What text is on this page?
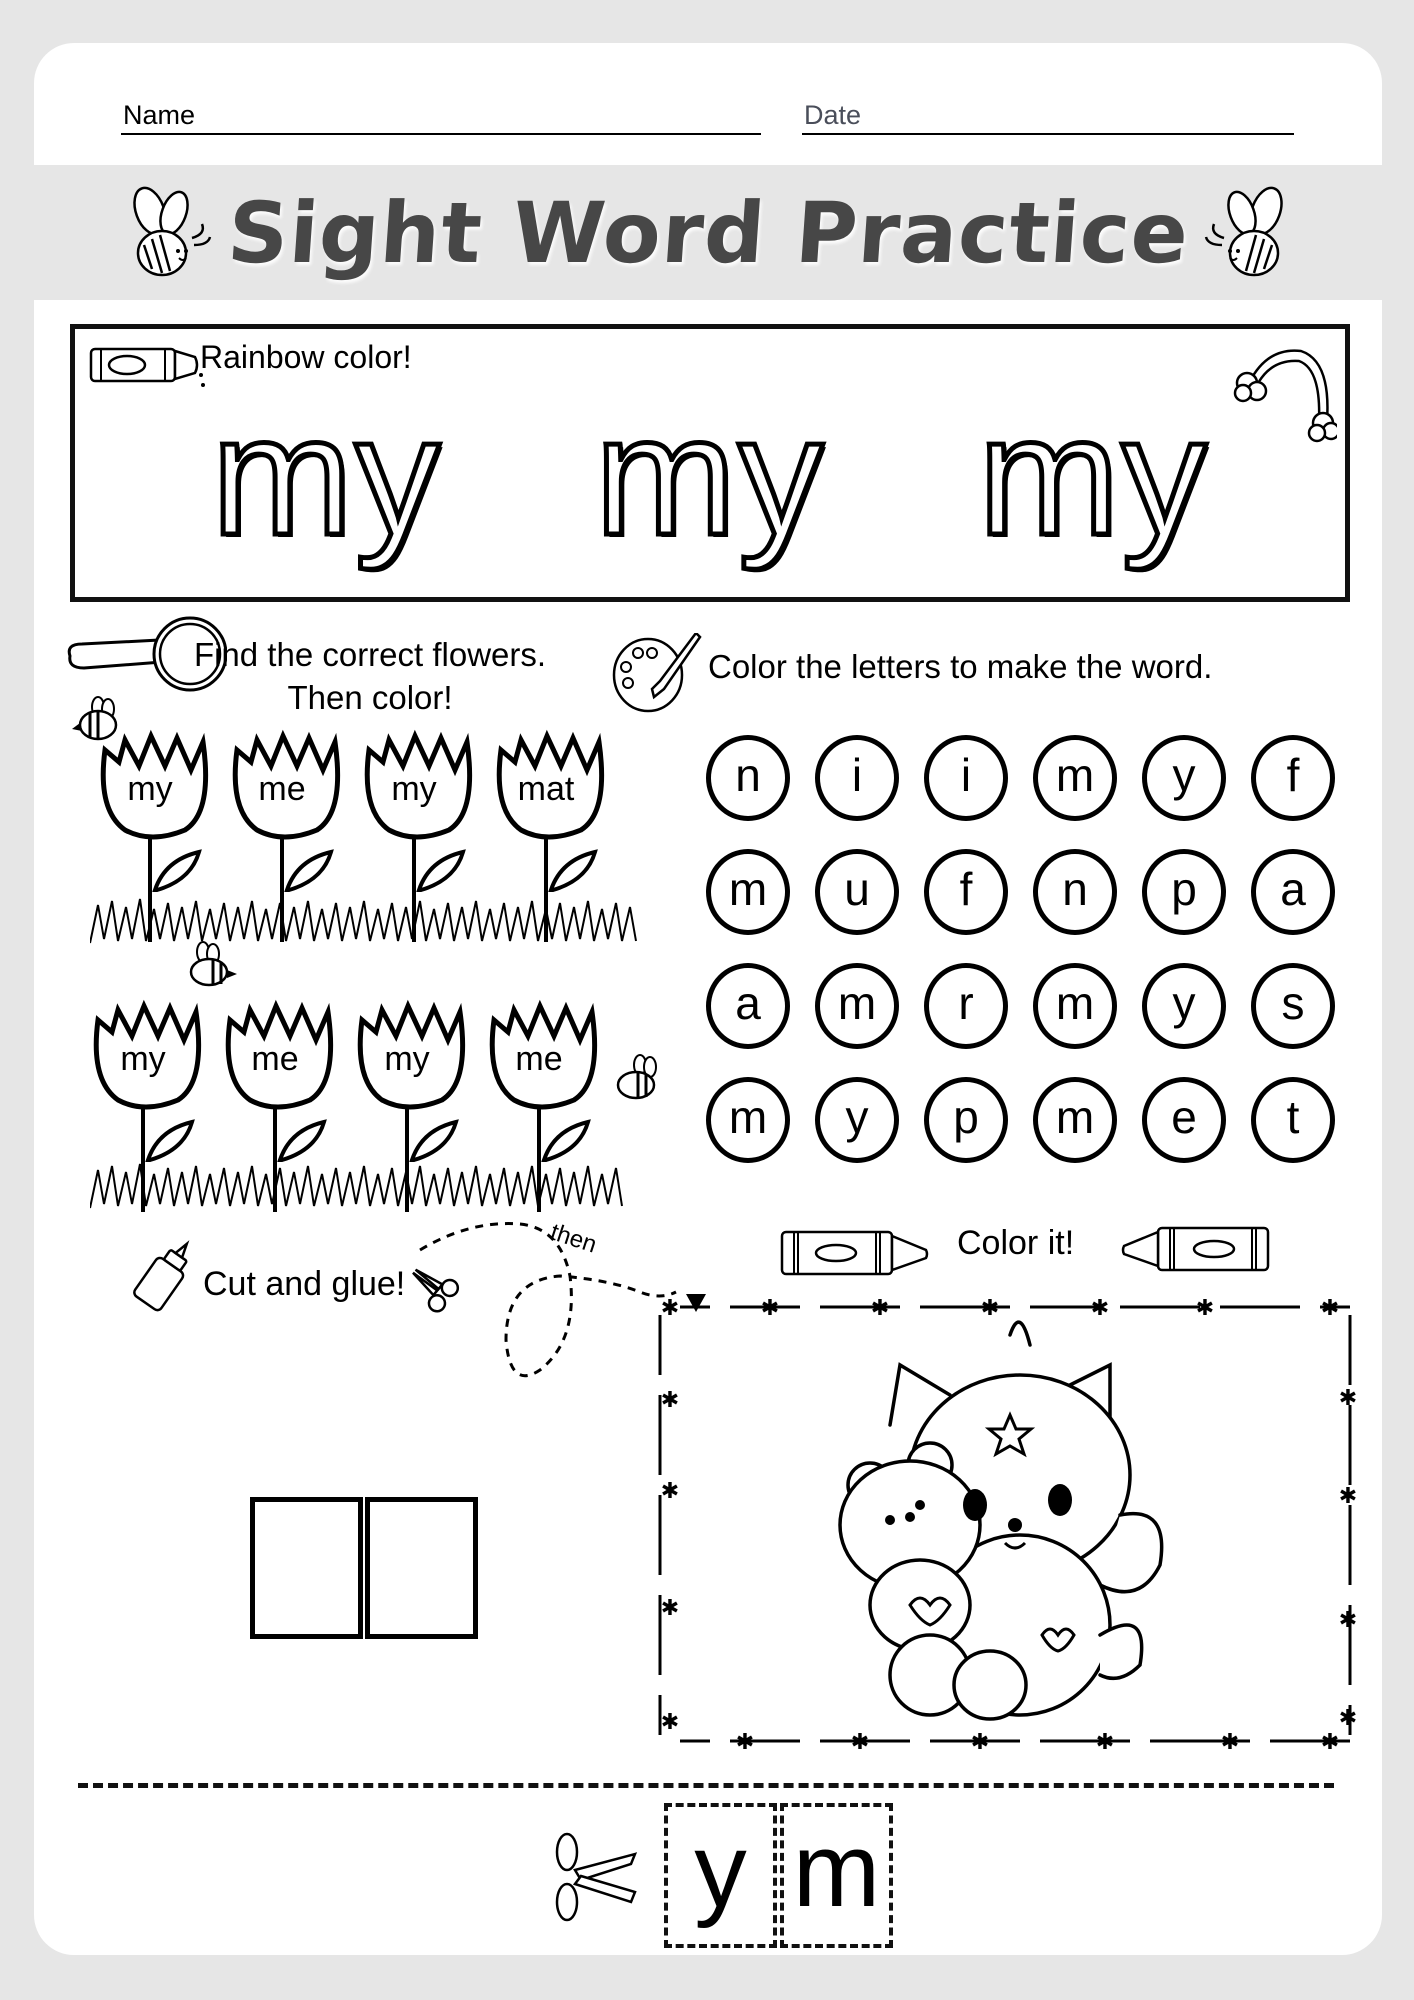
Name	Date
Sight Word Practice
Rainbow color!
my my my
Find the correct flowers.
Then color!
my	me	my	mat
my	me	my	me
Color the letters to make the word.
n	i	i	m	y	f
m	u	f	n	p	a
a	m	r	m	y	s
m	y	p	m	e	t
Cut and glue!
then	Color it!
✱	✱	✱	✱	✱	✱	✱
✱
✱
✱
✱
✱
✱
✱
✱
✱	✱	✱	✱	✱	✱
y m
